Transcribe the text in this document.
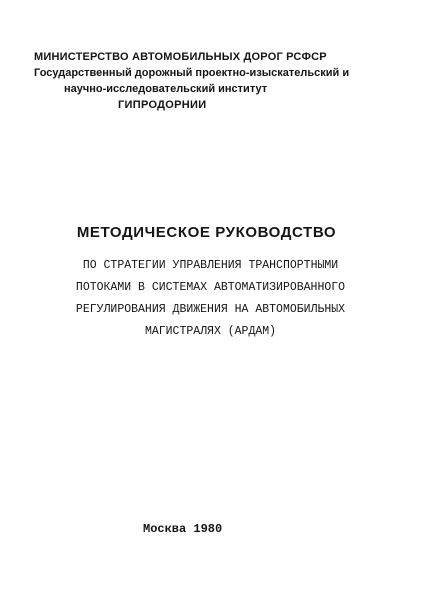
МИНИСТЕРСТВО АВТОМОБИЛЬНЫХ ДОРОГ РСФСР
Государственный дорожный проектно-изыскательский и
научно-исследовательский институт
ГИПРОДОРНИИ
МЕТОДИЧЕСКОЕ РУКОВОДСТВО
ПО СТРАТЕГИИ УПРАВЛЕНИЯ ТРАНСПОРТНЫМИ
ПОТОКАМИ В СИСТЕМАХ АВТОМАТИЗИРОВАННОГО
РЕГУЛИРОВАНИЯ ДВИЖЕНИЯ НА АВТОМОБИЛЬНЫХ
МАГИСТРАЛЯХ (АРДАМ)
Москва 1980
